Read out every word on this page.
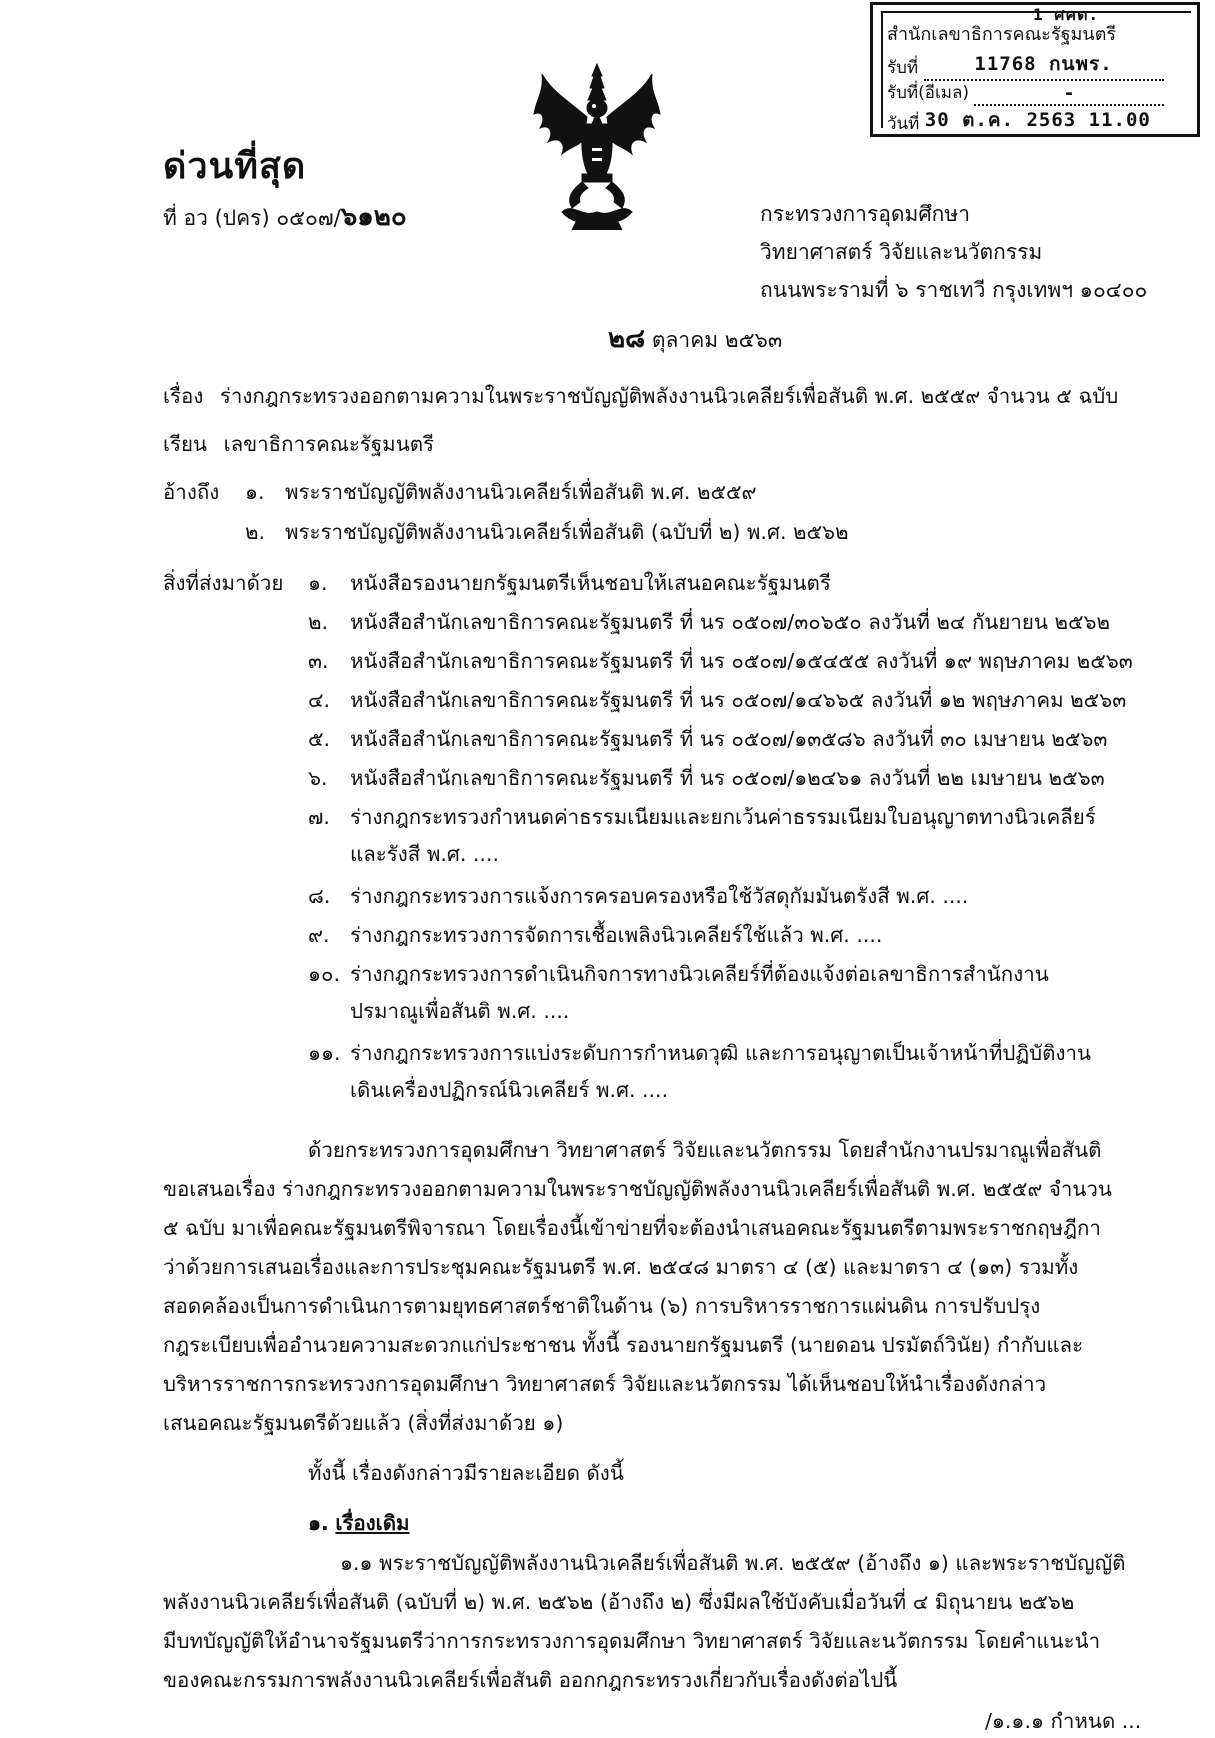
1 ศคต.
สำนักเลขาธิการคณะรัฐมนตรี
รับที่	11768 กนพร.
รับที่(อีเมล)	-
วันที่ 30 ต.ค. 2563 11.00
ด่วนที่สุด
ที่ อว (ปคร) ๐๕๐๗/๖๑๒๐	กระทรวงการอุดมศึกษา
วิทยาศาสตร์ วิจัยและนวัตกรรม
ถนนพระรามที่ ๖ ราชเทวี กรุงเทพฯ ๑๐๔๐๐
๒๘ ตุลาคม ๒๕๖๓
เรื่อง ร่างกฎกระทรวงออกตามความในพระราชบัญญัติพลังงานนิวเคลียร์เพื่อสันติ พ.ศ. ๒๕๕๙ จำนวน ๕ ฉบับ
เรียน เลขาธิการคณะรัฐมนตรี
อ้างถึง ๑. พระราชบัญญัติพลังงานนิวเคลียร์เพื่อสันติ พ.ศ. ๒๕๕๙
๒. พระราชบัญญัติพลังงานนิวเคลียร์เพื่อสันติ (ฉบับที่ ๒) พ.ศ. ๒๕๖๒
สิ่งที่ส่งมาด้วย ๑. หนังสือรองนายกรัฐมนตรีเห็นชอบให้เสนอคณะรัฐมนตรี
๒. หนังสือสำนักเลขาธิการคณะรัฐมนตรี ที่ นร ๐๕๐๗/๓๐๖๕๐ ลงวันที่ ๒๔ กันยายน ๒๕๖๒
๓. หนังสือสำนักเลขาธิการคณะรัฐมนตรี ที่ นร ๐๕๐๗/๑๕๔๕๕ ลงวันที่ ๑๙ พฤษภาคม ๒๕๖๓
๔. หนังสือสำนักเลขาธิการคณะรัฐมนตรี ที่ นร ๐๕๐๗/๑๔๖๖๕ ลงวันที่ ๑๒ พฤษภาคม ๒๕๖๓
๕. หนังสือสำนักเลขาธิการคณะรัฐมนตรี ที่ นร ๐๕๐๗/๑๓๕๘๖ ลงวันที่ ๓๐ เมษายน ๒๕๖๓
๖. หนังสือสำนักเลขาธิการคณะรัฐมนตรี ที่ นร ๐๕๐๗/๑๒๔๖๑ ลงวันที่ ๒๒ เมษายน ๒๕๖๓
๗. ร่างกฎกระทรวงกำหนดค่าธรรมเนียมและยกเว้นค่าธรรมเนียมใบอนุญาตทางนิวเคลียร์
และรังสี พ.ศ. ....
๘. ร่างกฎกระทรวงการแจ้งการครอบครองหรือใช้วัสดุกัมมันตรังสี พ.ศ. ....
๙. ร่างกฎกระทรวงการจัดการเชื้อเพลิงนิวเคลียร์ใช้แล้ว พ.ศ. ....
๑๐. ร่างกฎกระทรวงการดำเนินกิจการทางนิวเคลียร์ที่ต้องแจ้งต่อเลขาธิการสำนักงาน
ปรมาณูเพื่อสันติ พ.ศ. ....
๑๑. ร่างกฎกระทรวงการแบ่งระดับการกำหนดวุฒิ และการอนุญาตเป็นเจ้าหน้าที่ปฏิบัติงาน
เดินเครื่องปฏิกรณ์นิวเคลียร์ พ.ศ. ....
ด้วยกระทรวงการอุดมศึกษา วิทยาศาสตร์ วิจัยและนวัตกรรม โดยสำนักงานปรมาณูเพื่อสันติ
ขอเสนอเรื่อง ร่างกฎกระทรวงออกตามความในพระราชบัญญัติพลังงานนิวเคลียร์เพื่อสันติ พ.ศ. ๒๕๕๙ จำนวน
๕ ฉบับ มาเพื่อคณะรัฐมนตรีพิจารณา โดยเรื่องนี้เข้าข่ายที่จะต้องนำเสนอคณะรัฐมนตรีตามพระราชกฤษฎีกา
ว่าด้วยการเสนอเรื่องและการประชุมคณะรัฐมนตรี พ.ศ. ๒๕๔๘ มาตรา ๔ (๕) และมาตรา ๔ (๑๓) รวมทั้ง
สอดคล้องเป็นการดำเนินการตามยุทธศาสตร์ชาติในด้าน (๖) การบริหารราชการแผ่นดิน การปรับปรุง
กฎระเบียบเพื่ออำนวยความสะดวกแก่ประชาชน ทั้งนี้ รองนายกรัฐมนตรี (นายดอน ปรมัตถ์วินัย) กำกับและ
บริหารราชการกระทรวงการอุดมศึกษา วิทยาศาสตร์ วิจัยและนวัตกรรม ได้เห็นชอบให้นำเรื่องดังกล่าว
เสนอคณะรัฐมนตรีด้วยแล้ว (สิ่งที่ส่งมาด้วย ๑)
ทั้งนี้ เรื่องดังกล่าวมีรายละเอียด ดังนี้
๑. เรื่องเดิม
๑.๑ พระราชบัญญัติพลังงานนิวเคลียร์เพื่อสันติ พ.ศ. ๒๕๕๙ (อ้างถึง ๑) และพระราชบัญญัติ
พลังงานนิวเคลียร์เพื่อสันติ (ฉบับที่ ๒) พ.ศ. ๒๕๖๒ (อ้างถึง ๒) ซึ่งมีผลใช้บังคับเมื่อวันที่ ๔ มิถุนายน ๒๕๖๒
มีบทบัญญัติให้อำนาจรัฐมนตรีว่าการกระทรวงการอุดมศึกษา วิทยาศาสตร์ วิจัยและนวัตกรรม โดยคำแนะนำ
ของคณะกรรมการพลังงานนิวเคลียร์เพื่อสันติ ออกกฎกระทรวงเกี่ยวกับเรื่องดังต่อไปนี้
/๑.๑.๑ กำหนด ...
